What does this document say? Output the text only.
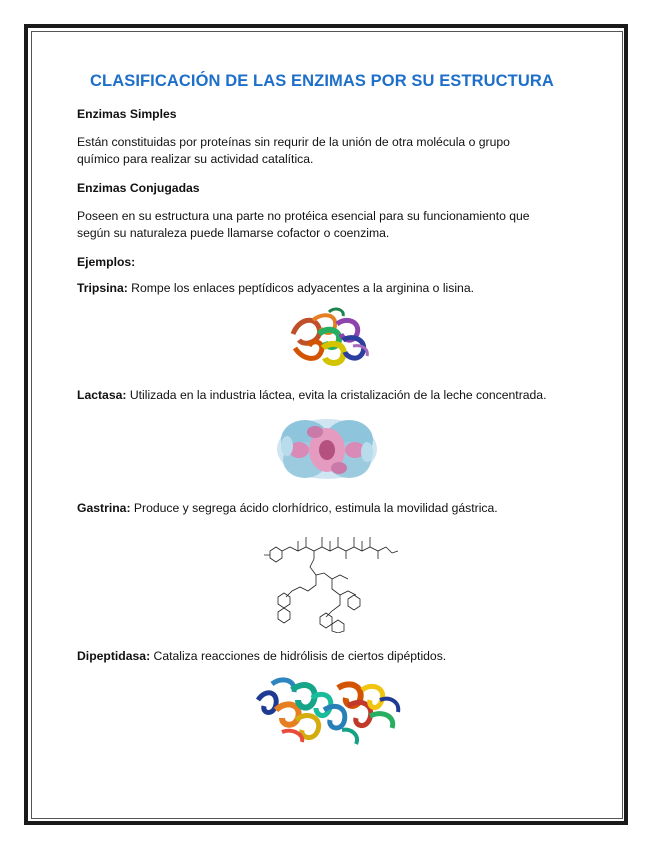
CLASIFICACIÓN DE LAS ENZIMAS POR SU ESTRUCTURA

Enzimas Simples

Están constituidas por proteínas sin requrir de la unión de otra molécula o grupo

químico para realizar su actividad catalítica.

Enzimas Conjugadas

Poseen en su estructura una parte no protéica esencial para su funcionamiento que

según su naturaleza puede llamarse cofactor o coenzima.

Ejemplos:

Tripsina: Rompe los enlaces peptídicos adyacentes a la arginina o lisina.

Lactasa: Utilizada en la industria láctea, evita la cristalización de la leche concentrada.

Gastrina: Produce y segrega ácido clorhídrico, estimula la movilidad gástrica.

Dipeptidasa: Cataliza reacciones de hidrólisis de ciertos dipéptidos.
